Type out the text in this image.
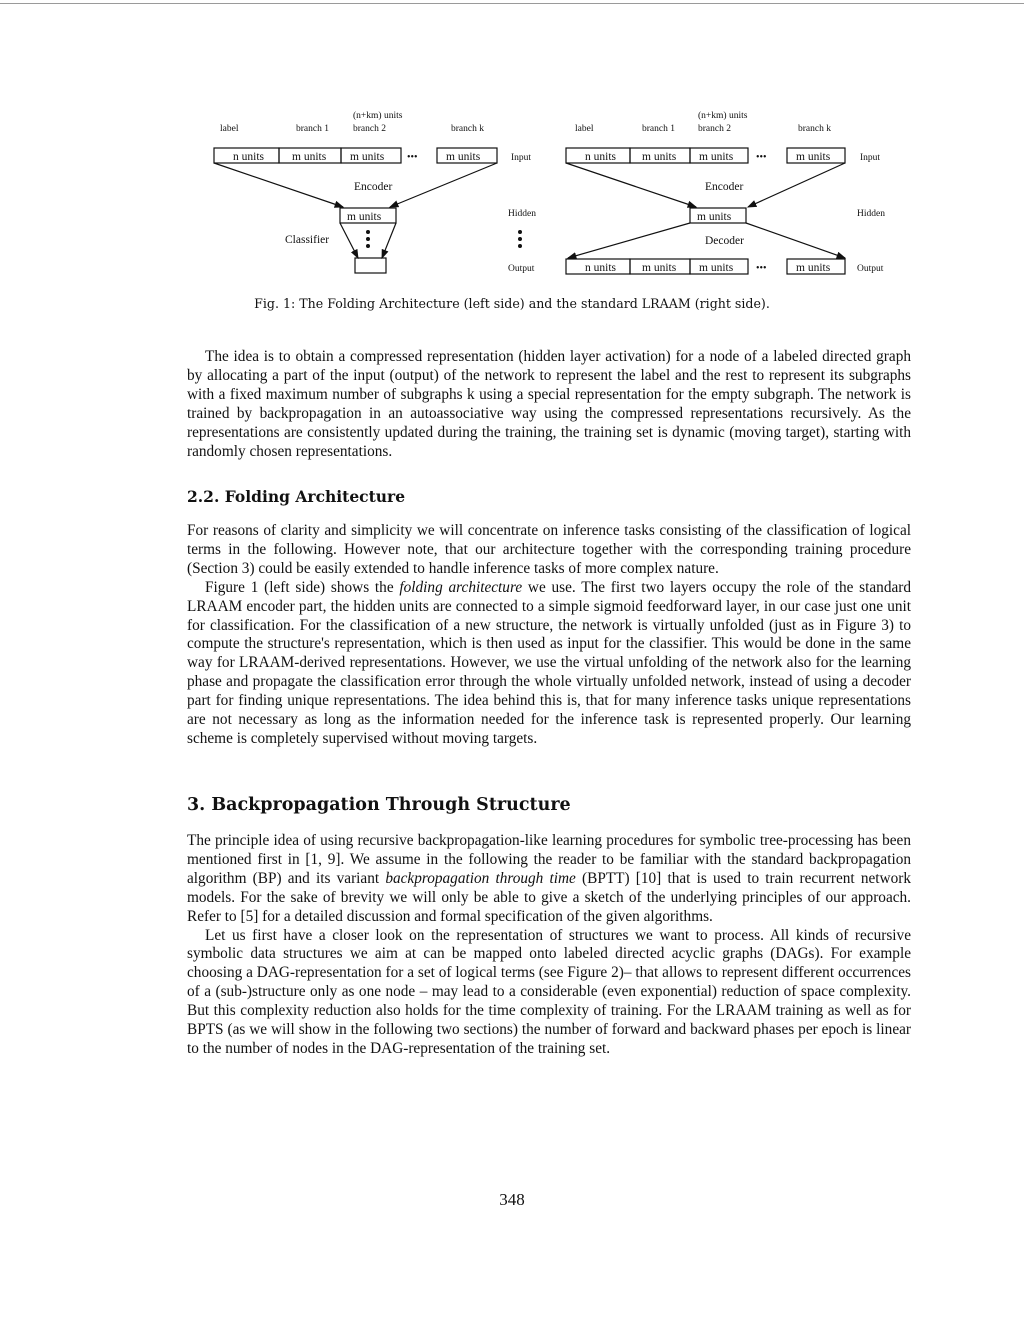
(n+km) units
label	branch 1	branch 2	branch k
Input
Hidden
Output
n units m units m units	m units
•••
Encoder
m units
Classifier
(n+km) units
label	branch 1 branch 2	branch k
Input
Hidden
Output
n units m units m units	m units
•••
Encoder
m units
Decoder
n units m units m units	m units
•••
Fig. 1: The Folding Architecture (left side) and the standard LRAAM (right side).

The idea is to obtain a compressed representation (hidden layer activation) for a node of a labeled directed graph by allocating a part of the input (output) of the network to represent the label and the rest to represent its subgraphs with a fixed maximum number of subgraphs k using a special representation for the empty subgraph. The network is trained by backpropagation in an autoassociative way using the compressed representations recursively. As the representations are consistently updated during the training, the training set is dynamic (moving target), starting with randomly chosen representations.

2.2. Folding Architecture

For reasons of clarity and simplicity we will concentrate on inference tasks consisting of the classification of logical terms in the following. However note, that our architecture together with the corresponding training procedure (Section 3) could be easily extended to handle inference tasks of more complex nature.

Figure 1 (left side) shows the folding architecture we use. The first two layers occupy the role of the standard LRAAM encoder part, the hidden units are connected to a simple sigmoid feedforward layer, in our case just one unit for classification. For the classification of a new structure, the network is virtually unfolded (just as in Figure 3) to compute the structure's representation, which is then used as input for the classifier. This would be done in the same way for LRAAM-derived representations. However, we use the virtual unfolding of the network also for the learning phase and propagate the classification error through the whole virtually unfolded network, instead of using a decoder part for finding unique representations. The idea behind this is, that for many inference tasks unique representations are not necessary as long as the information needed for the inference task is represented properly. Our learning scheme is completely supervised without moving targets.

3. Backpropagation Through Structure

The principle idea of using recursive backpropagation-like learning procedures for symbolic tree-processing has been mentioned first in [1, 9]. We assume in the following the reader to be familiar with the standard backpropagation algorithm (BP) and its variant backpropagation through time (BPTT) [10] that is used to train recurrent network models. For the sake of brevity we will only be able to give a sketch of the underlying principles of our approach. Refer to [5] for a detailed discussion and formal specification of the given algorithms.

Let us first have a closer look on the representation of structures we want to process. All kinds of recursive symbolic data structures we aim at can be mapped onto labeled directed acyclic graphs (DAGs). For example choosing a DAG-representation for a set of logical terms (see Figure 2)– that allows to represent different occurrences of a (sub-)structure only as one node – may lead to a considerable (even exponential) reduction of space complexity. But this complexity reduction also holds for the time complexity of training. For the LRAAM training as well as for BPTS (as we will show in the following two sections) the number of forward and backward phases per epoch is linear to the number of nodes in the DAG-representation of the training set.

348
